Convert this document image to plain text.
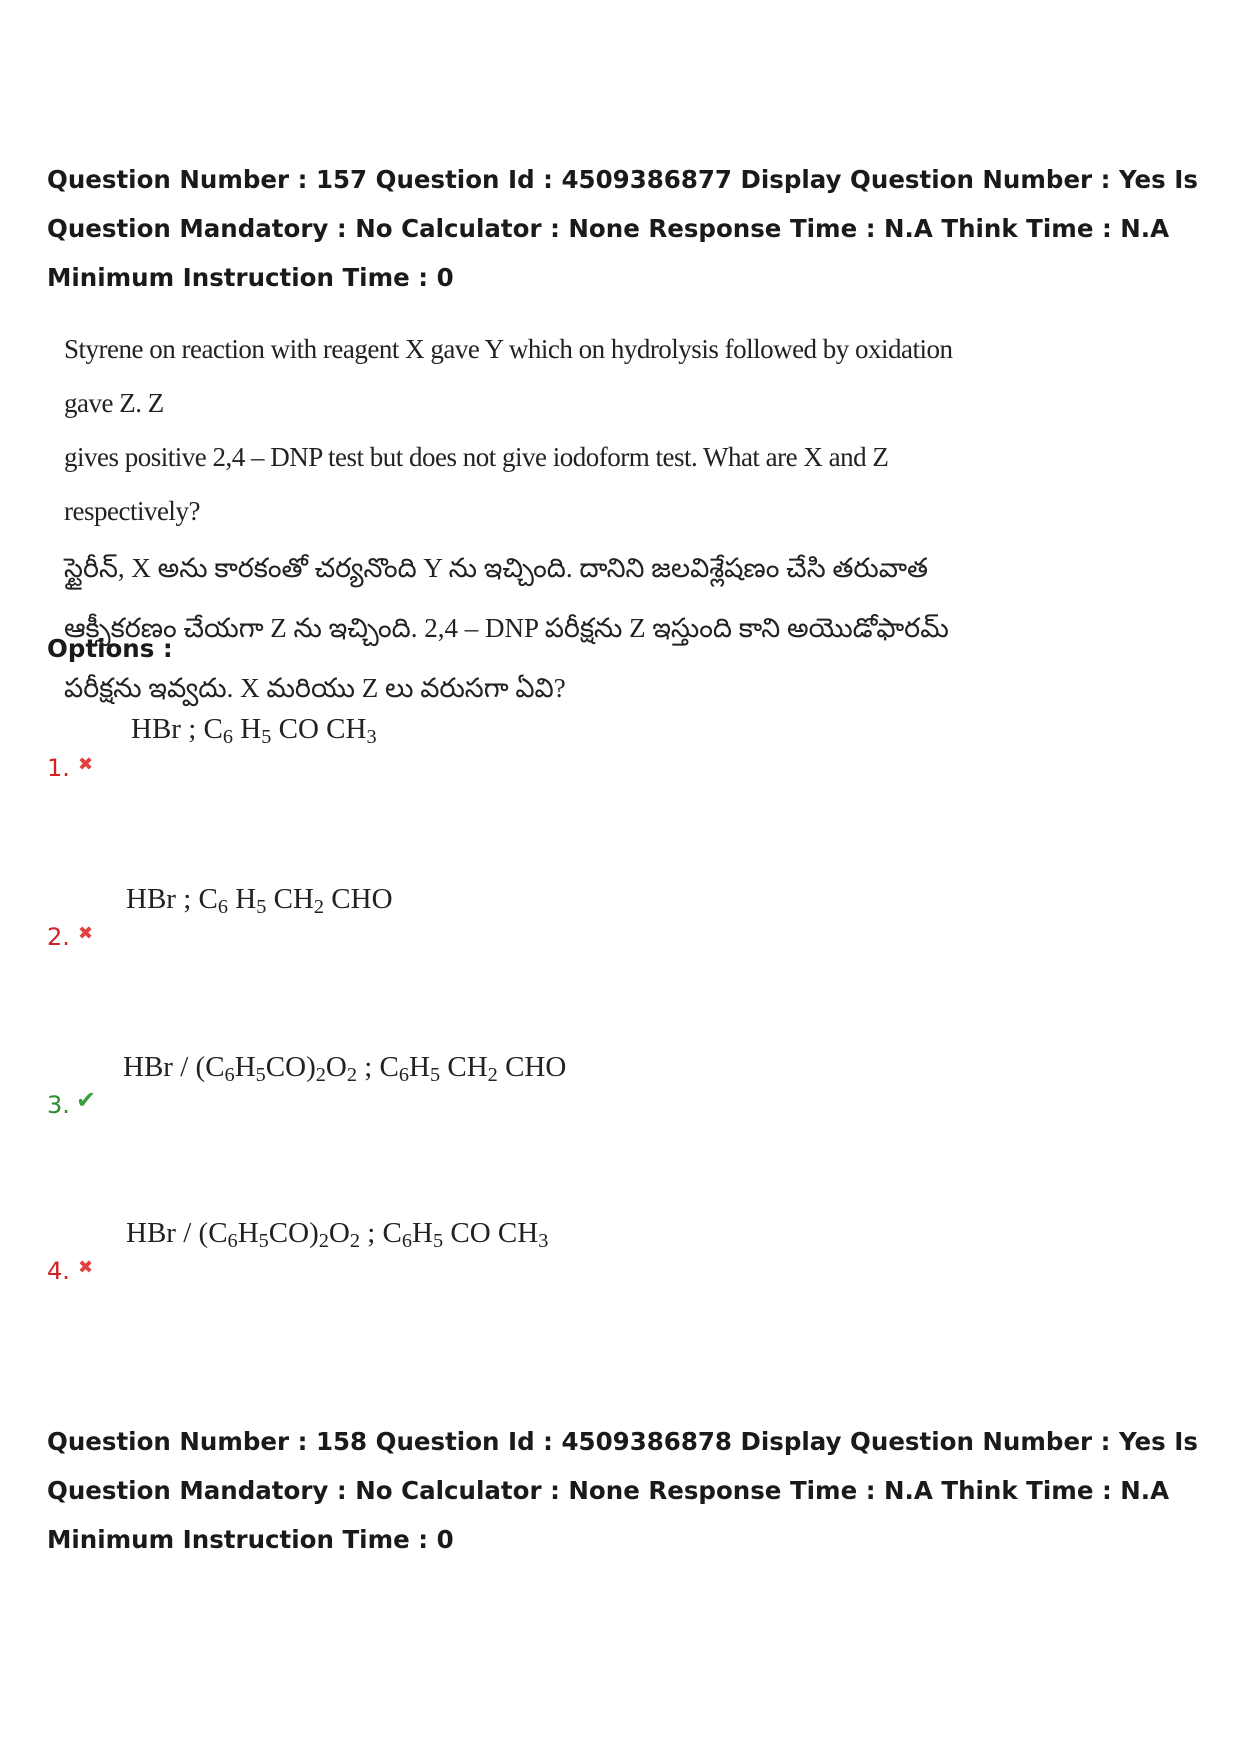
Question Number : 157 Question Id : 4509386877 Display Question Number : Yes Is Question Mandatory : No Calculator : None Response Time : N.A Think Time : N.A Minimum Instruction Time : 0
Styrene on reaction with reagent X gave Y which on hydrolysis followed by oxidation gave Z. Z
gives positive 2,4 – DNP test but does not give iodoform test. What are X and Z respectively?
స్టైరీన్, X అను కారకంతో చర్యనొంది Y ను ఇచ్చింది. దానిని జలవిశ్లేషణం చేసి తరువాత
ఆక్సీకరణం చేయగా Z ను ఇచ్చింది. 2,4 – DNP పరీక్షను Z ఇస్తుంది కాని అయొడోఫారమ్
పరీక్షను ఇవ్వదు. X మరియు Z లు వరుసగా ఏవి?
Options :
HBr ; $C_6$ $H_5$ CO $CH_3$
1. ✖
HBr ; $C_6$ $H_5$ $CH_2$ CHO
2. ✖
HBr / $(C_6H_5CO)_2O_2$ ; $C_6H_5$ $CH_2$ CHO
3. ✔
HBr / $(C_6H_5CO)_2O_2$ ; $C_6H_5$ CO $CH_3$
4. ✖
Question Number : 158 Question Id : 4509386878 Display Question Number : Yes Is Question Mandatory : No Calculator : None Response Time : N.A Think Time : N.A Minimum Instruction Time : 0
